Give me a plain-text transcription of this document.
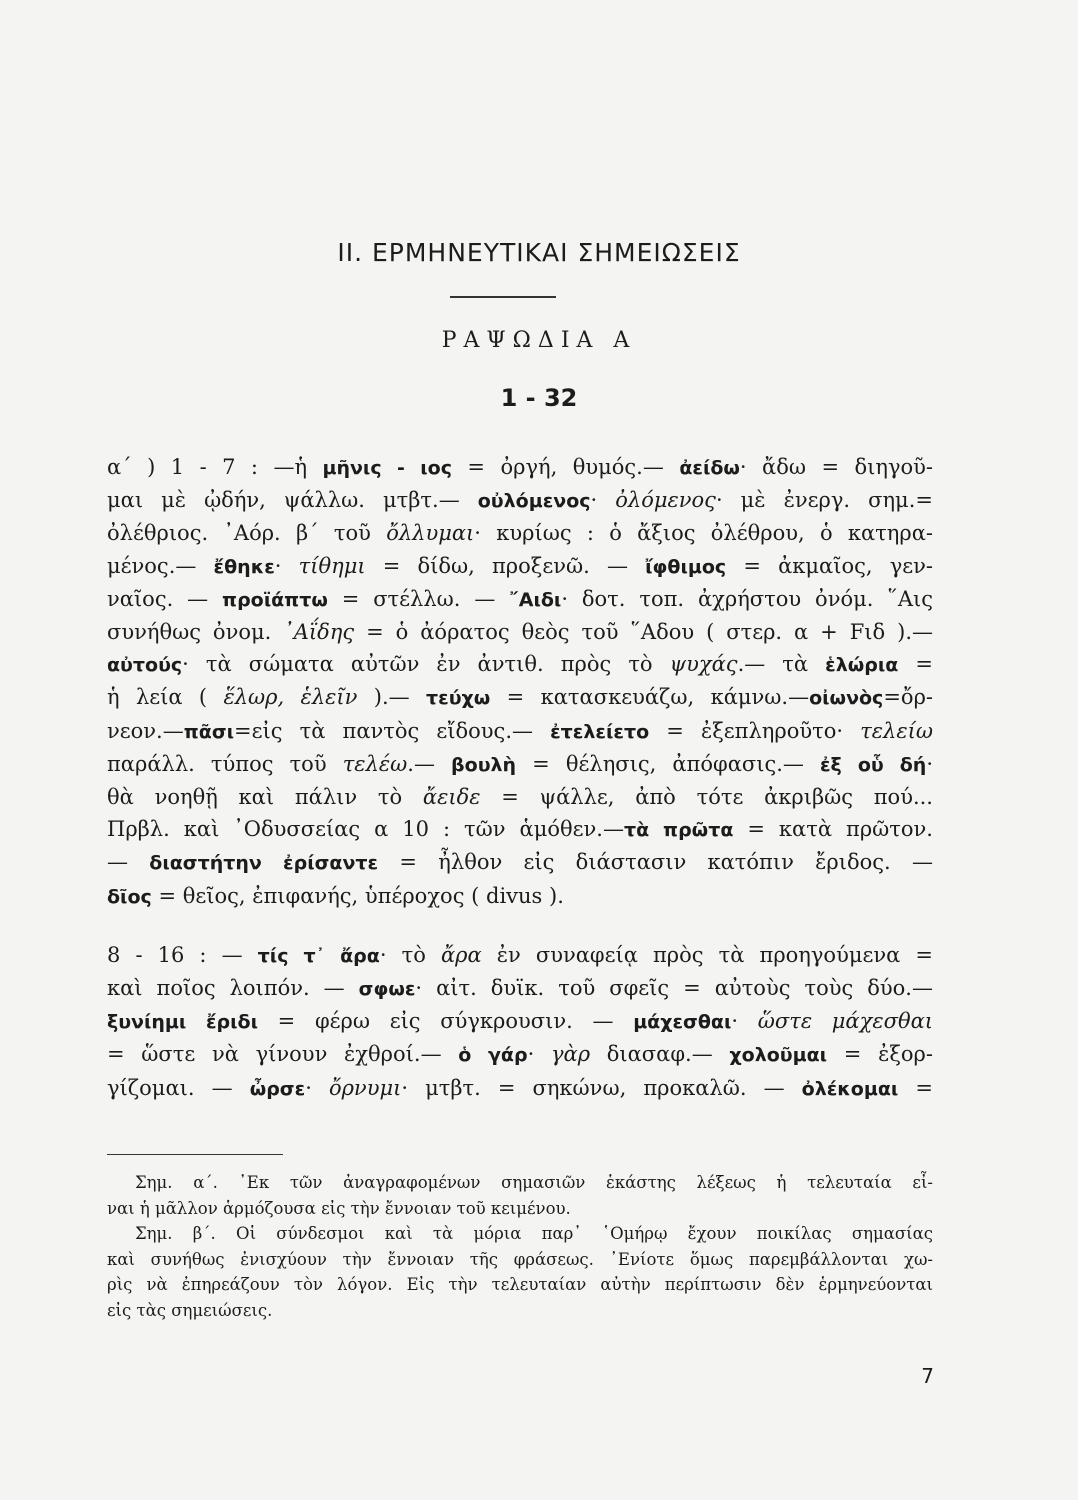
II. ΕΡΜΗΝΕΥΤΙΚΑΙ ΣΗΜΕΙΩΣΕΙΣ
ΡΑΨΩΔΙΑ Α
1 - 32

α΄ ) 1 - 7 : —ἡ μῆνις - ιος = ὀργή, θυμός.— ἀείδω· ἄδω = διηγοῦ-
μαι μὲ ᾠδήν, ψάλλω. μτβτ.— οὐλόμενος· ὀλόμενος· μὲ ἐνεργ. σημ.=
ὀλέθριος. ᾿Αόρ. β΄ τοῦ ὄλλυμαι· κυρίως : ὁ ἄξιος ὀλέθρου, ὁ κατηρα-
μένος.— ἔθηκε· τίθημι = δίδω, προξενῶ. — ἴφθιμος = ἀκμαῖος, γεν-
ναῖος. — προϊάπτω = στέλλω. — ῎Αιδι· δοτ. τοπ. ἀχρήστου ὀνόμ. ῞Αις
συνήθως ὀνομ. ᾿Αΐδης = ὁ ἀόρατος θεὸς τοῦ ῞Αδου ( στερ. α + Fιδ ).—
αὐτούς· τὰ σώματα αὐτῶν ἐν ἀντιθ. πρὸς τὸ ψυχάς.— τὰ ἑλώρια =
ἡ λεία ( ἕλωρ, ἑλεῖν ).— τεύχω = κατασκευάζω, κάμνω.—οἰωνὸς=ὄρ-
νεον.—πᾶσι=εἰς τὰ παντὸς εἴδους.— ἐτελείετο = ἐξεπληροῦτο· τελείω
παράλλ. τύπος τοῦ τελέω.— βουλὴ = θέλησις, ἀπόφασις.— ἐξ οὗ δή·
θὰ νοηθῇ καὶ πάλιν τὸ ἄειδε = ψάλλε, ἀπὸ τότε ἀκριβῶς πού...
Πρβλ. καὶ ᾿Οδυσσείας α 10 : τῶν ἁμόθεν.—τὰ πρῶτα = κατὰ πρῶτον.
— διαστήτην ἐρίσαντε = ἦλθον εἰς διάστασιν κατόπιν ἔριδος. —
δῖος = θεῖος, ἐπιφανής, ὑπέροχος ( divus ).

8 - 16 : — τίς τ᾿ ἄρα· τὸ ἄρα ἐν συναφείᾳ πρὸς τὰ προηγούμενα =
καὶ ποῖος λοιπόν. — σφωε· αἰτ. δυϊκ. τοῦ σφεῖς = αὐτοὺς τοὺς δύο.—
ξυνίημι ἔριδι = φέρω εἰς σύγκρουσιν. — μάχεσθαι· ὥστε μάχεσθαι
= ὥστε νὰ γίνουν ἐχθροί.— ὁ γάρ· γὰρ διασαφ.— χολοῦμαι = ἐξορ-
γίζομαι. — ὦρσε· ὄρνυμι· μτβτ. = σηκώνω, προκαλῶ. — ὀλέκομαι =

Σημ. α΄. ᾿Εκ τῶν ἀναγραφομένων σημασιῶν ἑκάστης λέξεως ἡ τελευταία εἶ-
ναι ἡ μᾶλλον ἁρμόζουσα εἰς τὴν ἔννοιαν τοῦ κειμένου.
Σημ. β΄. Οἱ σύνδεσμοι καὶ τὰ μόρια παρ᾿ ῾Ομήρῳ ἔχουν ποικίλας σημασίας
καὶ συνήθως ἐνισχύουν τὴν ἔννοιαν τῆς φράσεως. ᾿Ενίοτε ὅμως παρεμβάλλονται χω-
ρὶς νὰ ἐπηρεάζουν τὸν λόγον. Εἰς τὴν τελευταίαν αὐτὴν περίπτωσιν δὲν ἑρμηνεύονται
εἰς τὰς σημειώσεις.
7
